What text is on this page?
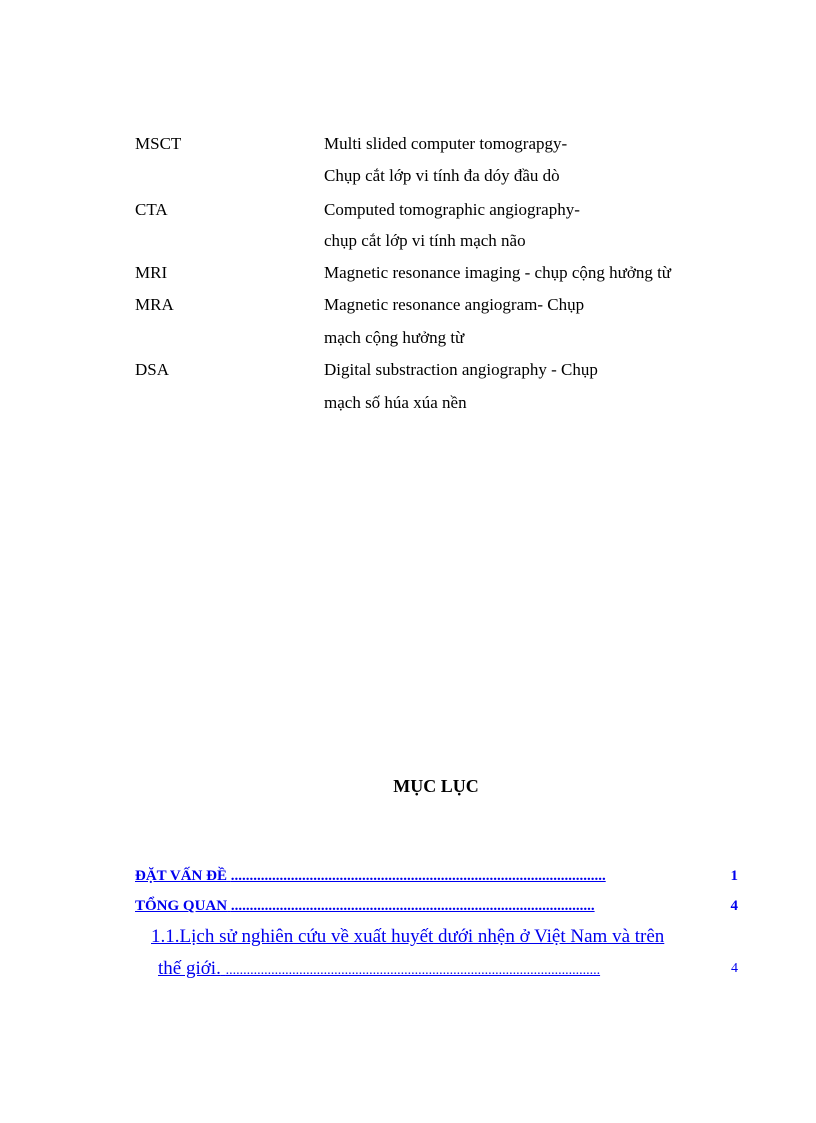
MSCT	Multi slided computer tomograpgy-
Chụp cắt lớp vi tính đa dóy đầu dò
CTA	Computed tomographic angiography-
chụp cắt lớp vi tính mạch não
MRI	Magnetic resonance imaging - chụp cộng hưởng từ
MRA	Magnetic resonance angiogram- Chụp
mạch cộng hưởng từ
DSA	Digital substraction angiography - Chụp
mạch số húa xúa nền
MỤC LỤC
ĐẶT VẤN ĐỀ ....................................................................................................	1
TỔNG QUAN .................................................................................................	4
1.1.Lịch sử nghiên cứu về xuất huyết dưới nhện ở Việt Nam và trên
thế giới. ...........................................................................................................	4
